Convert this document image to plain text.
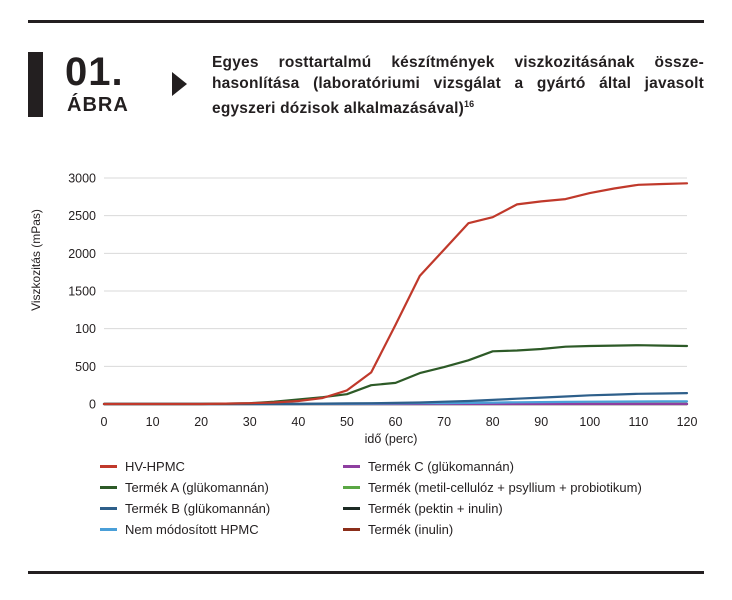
01.
ÁBRA
Egyes rosttartalmú készítmények viszkozitásának össze-hasonlítása (laboratóriumi vizsgálat a gyártó által javasolt egyszeri dózisok alkalmazásával)$^{16}$
0
500
100
1500
2000
2500
3000
0	10	20	30	40	50	60	70	80	90 100 110 120
Viszkozitás (mPas)
idő (perc)
HV-HPMC
Termék A (glükomannán)
Termék B (glükomannán)
Nem módosított HPMC
Termék C (glükomannán)
Termék (metil-cellulóz + psyllium + probiotikum)
Termék (pektin + inulin)
Termék (inulin)
